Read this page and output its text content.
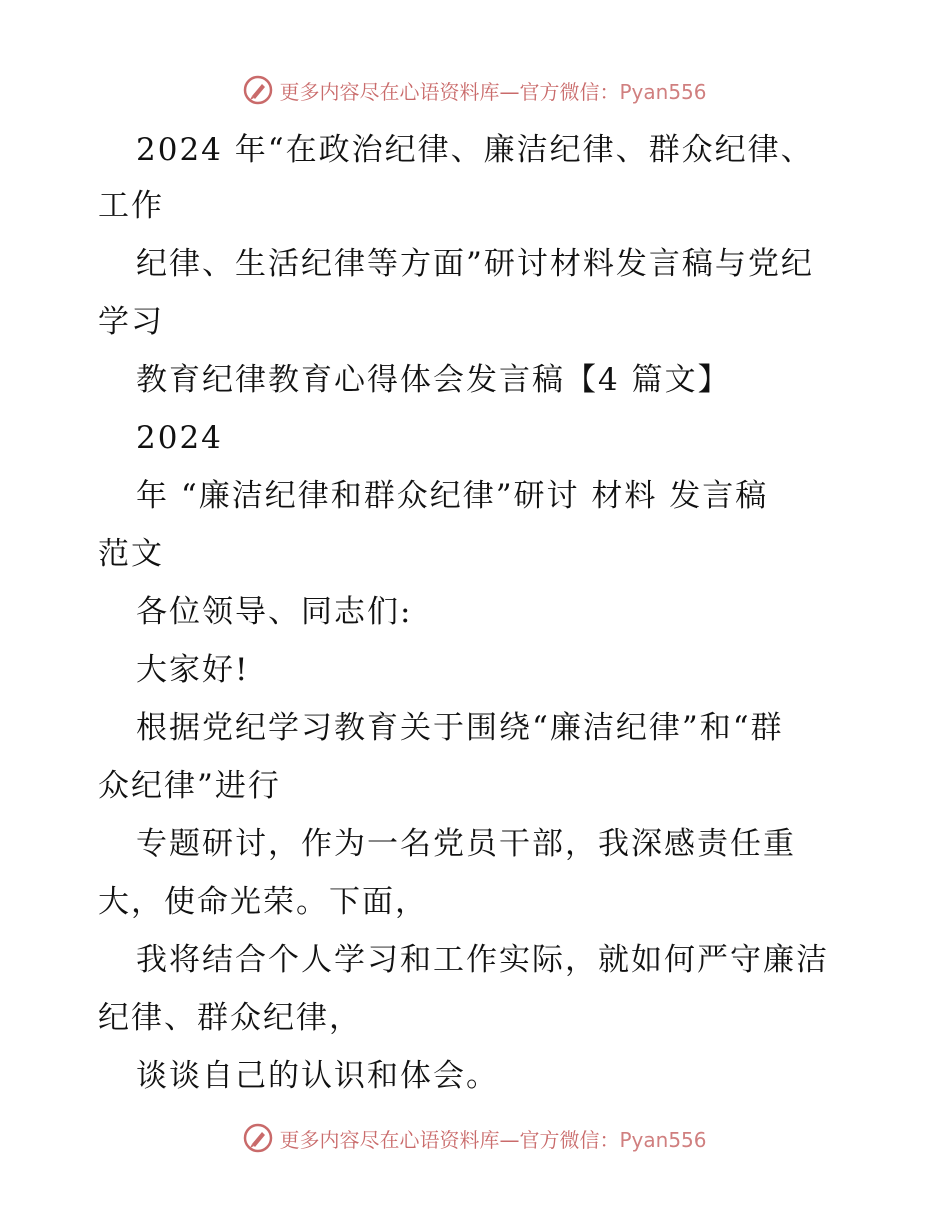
更多内容尽在心语资料库—官方微信：Pyan556
2024 年“在政治纪律、廉洁纪律、群众纪律、
工作
纪律、生活纪律等方面”研讨材料发言稿与党纪
学习
教育纪律教育心得体会发言稿【4 篇文】
2024
年 “廉洁纪律和群众纪律”研讨 材料 发言稿
范文
各位领导、同志们:
大家好!
根据党纪学习教育关于围绕“廉洁纪律”和“群
众纪律”进行
专题研讨，作为一名党员干部，我深感责任重
大，使命光荣。下面，
我将结合个人学习和工作实际，就如何严守廉洁
纪律、群众纪律，
谈谈自己的认识和体会。
更多内容尽在心语资料库—官方微信：Pyan556
